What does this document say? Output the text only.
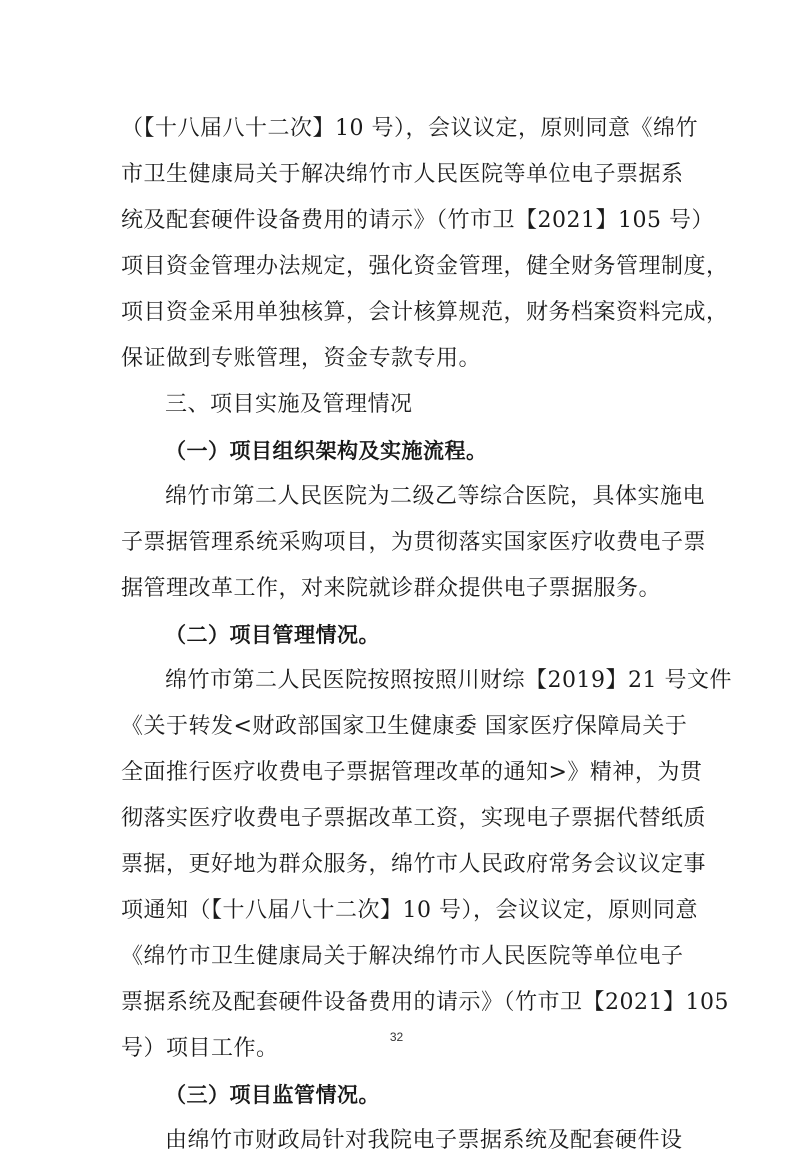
（【十八届八十二次】10 号），会议议定，原则同意《绵竹
市卫生健康局关于解决绵竹市人民医院等单位电子票据系
统及配套硬件设备费用的请示》（竹市卫【2021】105 号）
项目资金管理办法规定，强化资金管理，健全财务管理制度，
项目资金采用单独核算，会计核算规范，财务档案资料完成，
保证做到专账管理，资金专款专用。
三、项目实施及管理情况
（一）项目组织架构及实施流程。
绵竹市第二人民医院为二级乙等综合医院，具体实施电
子票据管理系统采购项目，为贯彻落实国家医疗收费电子票
据管理改革工作，对来院就诊群众提供电子票据服务。
（二）项目管理情况。
绵竹市第二人民医院按照按照川财综【2019】21 号文件
《关于转发<财政部国家卫生健康委 国家医疗保障局关于
全面推行医疗收费电子票据管理改革的通知>》精神，为贯
彻落实医疗收费电子票据改革工资，实现电子票据代替纸质
票据，更好地为群众服务，绵竹市人民政府常务会议议定事
项通知（【十八届八十二次】10 号），会议议定，原则同意
《绵竹市卫生健康局关于解决绵竹市人民医院等单位电子
票据系统及配套硬件设备费用的请示》（竹市卫【2021】105
号）项目工作。
（三）项目监管情况。
由绵竹市财政局针对我院电子票据系统及配套硬件设
32
